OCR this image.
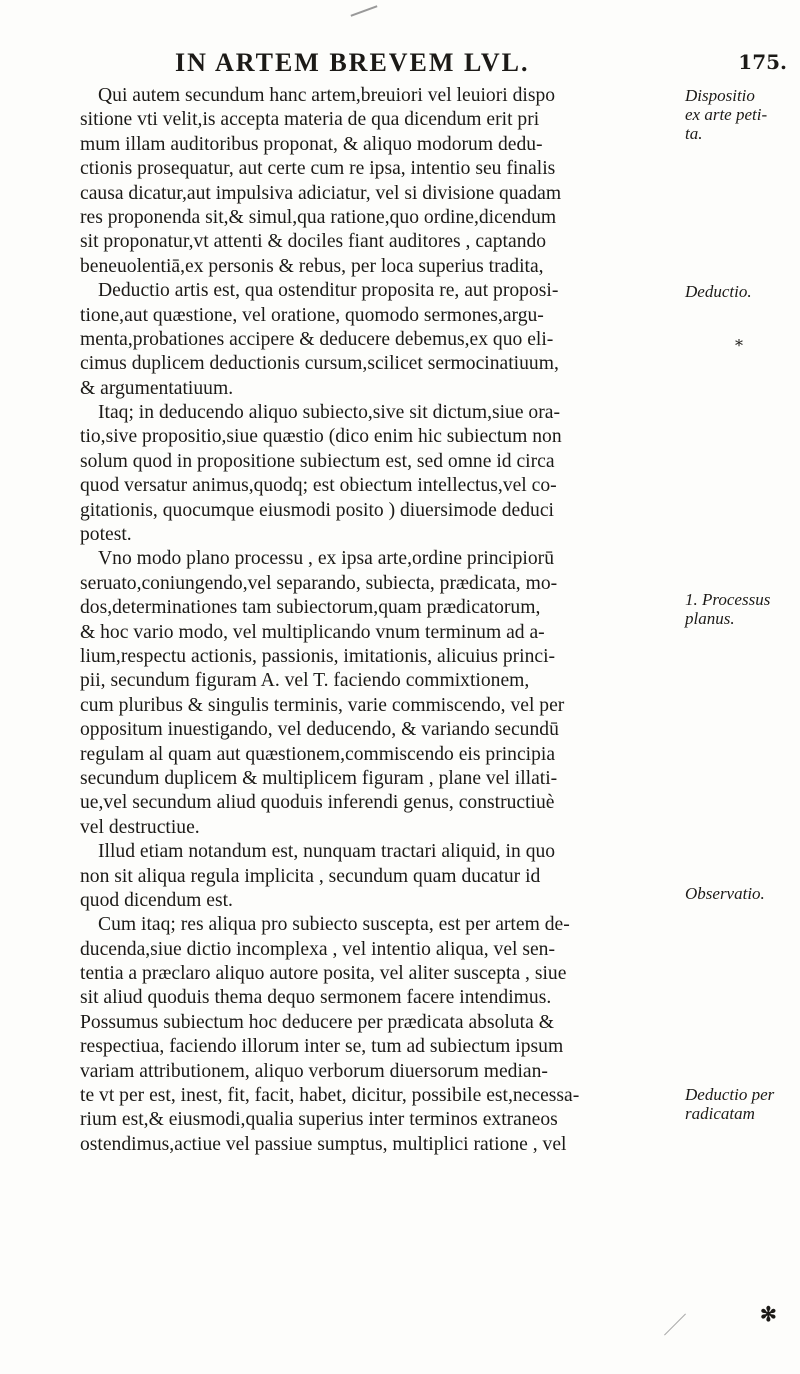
IN ARTEM BREVEM LVL.	175.
Qui autem secundum hanc artem,breuiori vel leuiori dispo
sitione vti velit,is accepta materia de qua dicendum erit pri
mum illam auditoribus proponat, & aliquo modorum dedu-
ctionis prosequatur, aut certe cum re ipsa, intentio seu finalis
causa dicatur,aut impulsiva adiciatur, vel si divisione quadam
res proponenda sit,& simul,qua ratione,quo ordine,dicendum
sit proponatur,vt attenti & dociles fiant auditores , captando
beneuolentiā,ex personis & rebus, per loca superius tradita,
Deductio artis est, qua ostenditur proposita re, aut proposi-
tione,aut quæstione, vel oratione, quomodo sermones,argu-
menta,probationes accipere & deducere debemus,ex quo eli-
cimus duplicem deductionis cursum,scilicet sermocinatiuum,
& argumentatiuum.
Itaq; in deducendo aliquo subiecto,sive sit dictum,siue ora-
tio,sive propositio,siue quæstio (dico enim hic subiectum non
solum quod in propositione subiectum est, sed omne id circa
quod versatur animus,quodq; est obiectum intellectus,vel co-
gitationis, quocumque eiusmodi posito ) diuersimode deduci
potest.
Vno modo plano processu , ex ipsa arte,ordine principiorū
seruato,coniungendo,vel separando, subiecta, prædicata, mo-
dos,determinationes tam subiectorum,quam prædicatorum,
& hoc vario modo, vel multiplicando vnum terminum ad a-
lium,respectu actionis, passionis, imitationis, alicuius princi-
pii, secundum figuram A. vel T. faciendo commixtionem,
cum pluribus & singulis terminis, varie commiscendo, vel per
oppositum inuestigando, vel deducendo, & variando secundū
regulam al quam aut quæstionem,commiscendo eis principia
secundum duplicem & multiplicem figuram , plane vel illati-
ue,vel secundum aliud quoduis inferendi genus, constructiuè
vel destructiue.
Illud etiam notandum est, nunquam tractari aliquid, in quo
non sit aliqua regula implicita , secundum quam ducatur id
quod dicendum est.
Cum itaq; res aliqua pro subiecto suscepta, est per artem de-
ducenda,siue dictio incomplexa , vel intentio aliqua, vel sen-
tentia a præclaro aliquo autore posita, vel aliter suscepta , siue
sit aliud quoduis thema dequo sermonem facere intendimus.
Possumus subiectum hoc deducere per prædicata absoluta &
respectiua, faciendo illorum inter se, tum ad subiectum ipsum
variam attributionem, aliquo verborum diuersorum median-
te vt per est, inest, fit, facit, habet, dicitur, possibile est,necessa-
rium est,& eiusmodi,qualia superius inter terminos extraneos
ostendimus,actiue vel passiue sumptus, multiplici ratione , vel
Dispositio
ex arte peti-
ta.
Deductio.
*
1. Processus
planus.
Observatio.
Deductio per
radicatam
✻
